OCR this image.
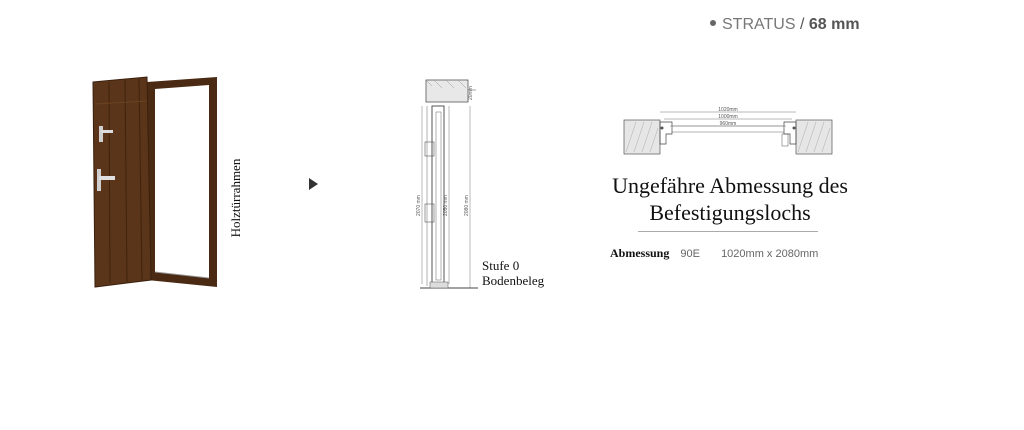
STRATUS / 68 mm
Holztürrahmen
20mm
2070 mm	2050 mm	2080 mm
Stufe 0
Bodenbeleg
1020mm
1000mm
960mm
Ungefähre Abmessung des
Befestigungslochs
Abmessung 90E 1020mm x 2080mm
